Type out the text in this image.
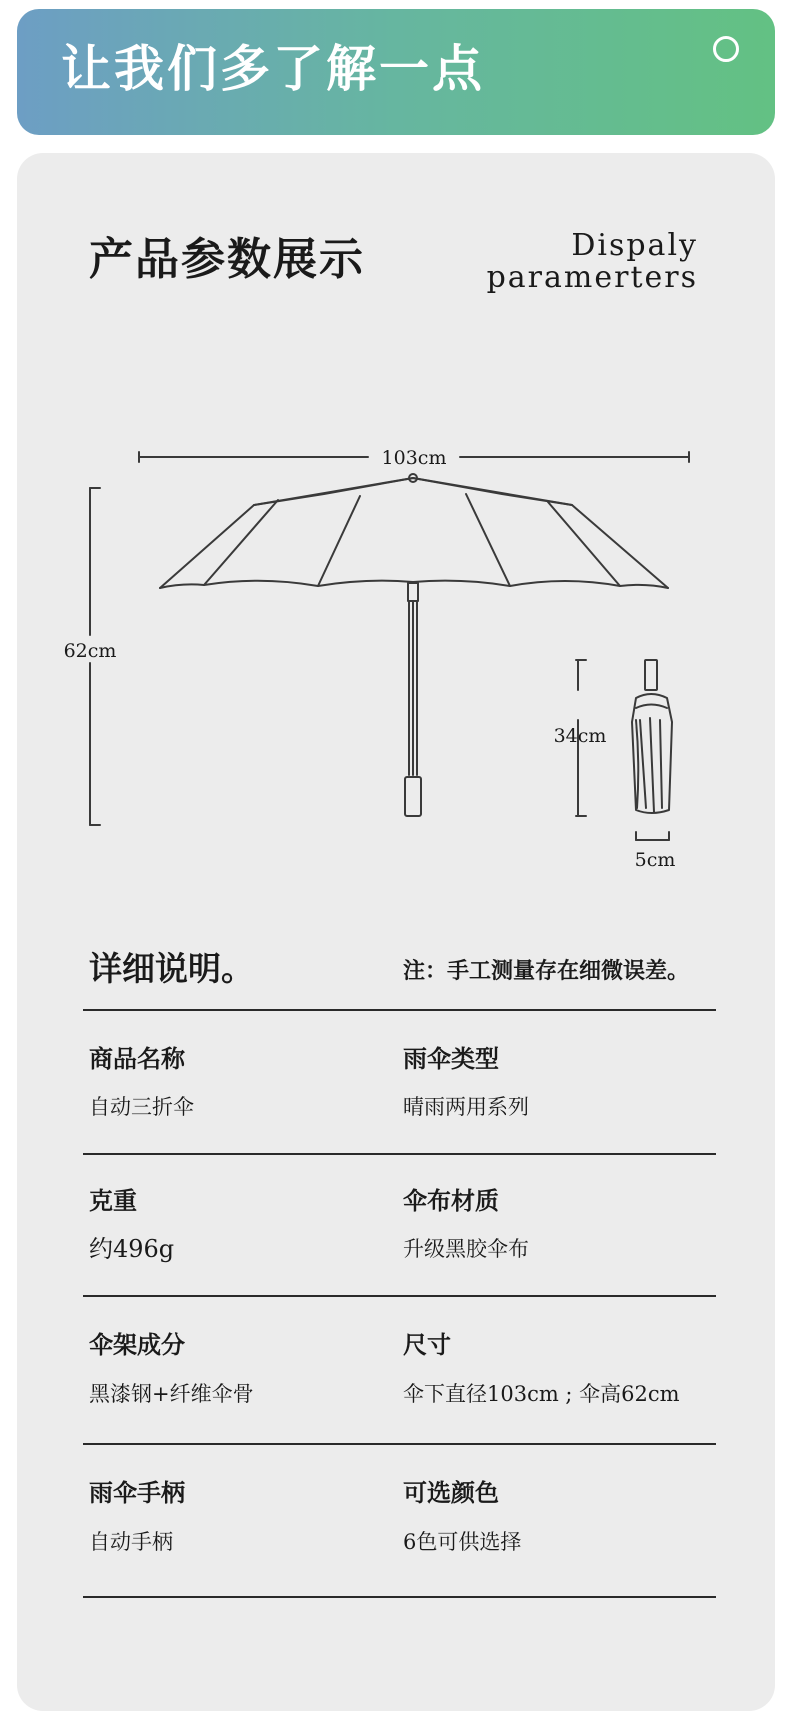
让我们多了解一点
产品参数展示	Dispaly
paramerters
103cm
62cm
34cm
5cm
详细说明。	注：手工测量存在细微误差。
商品名称
自动三折伞
雨伞类型
晴雨两用系列
克重
约496g
伞布材质
升级黑胶伞布
伞架成分
黑漆钢+纤维伞骨
尺寸
伞下直径103cm ; 伞高62cm
雨伞手柄
自动手柄
可选颜色
6色可供选择
